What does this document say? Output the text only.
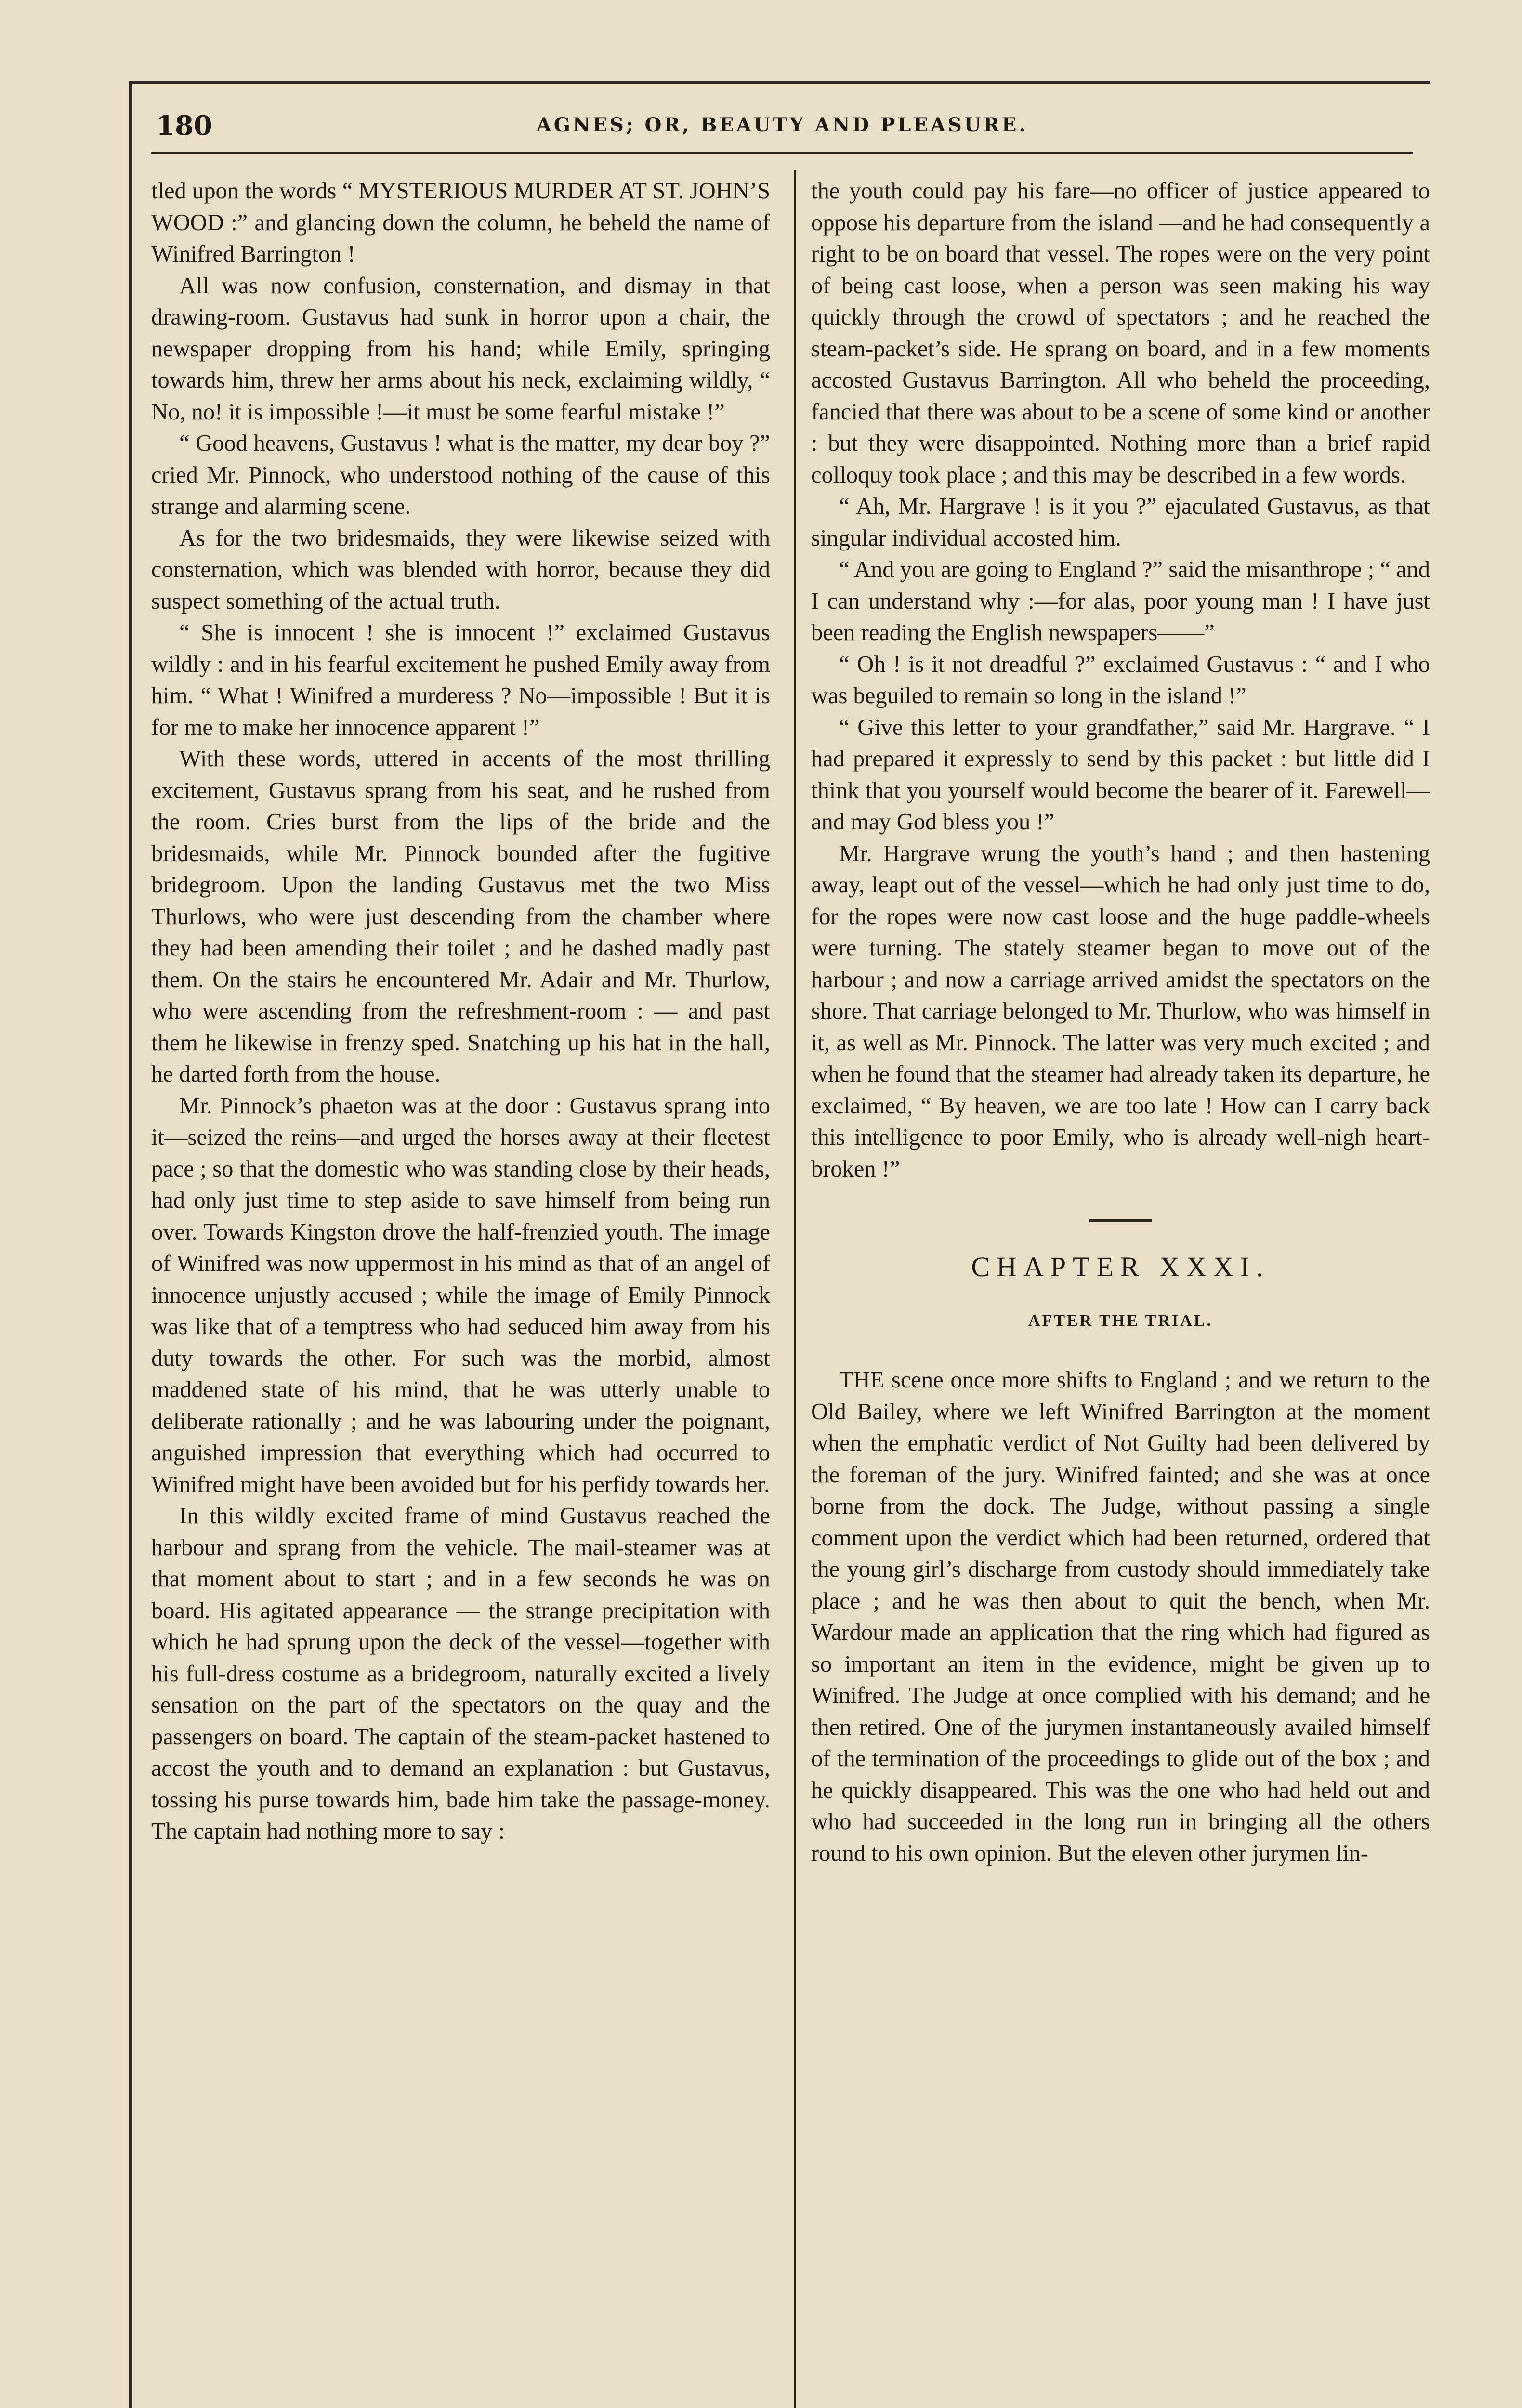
180	AGNES; OR, BEAUTY AND PLEASURE.

tled upon the words “ MYSTERIOUS MURDER AT ST. JOHN’S WOOD :” and glancing down the column, he beheld the name of Winifred Barrington !

All was now confusion, consternation, and dismay in that drawing-room. Gustavus had sunk in horror upon a chair, the newspaper dropping from his hand; while Emily, springing towards him, threw her arms about his neck, exclaiming wildly, “ No, no! it is impossible !—it must be some fearful mistake !”

“ Good heavens, Gustavus ! what is the matter, my dear boy ?” cried Mr. Pinnock, who understood nothing of the cause of this strange and alarming scene.

As for the two bridesmaids, they were likewise seized with consternation, which was blended with horror, because they did suspect something of the actual truth.

“ She is innocent ! she is innocent !” exclaimed Gustavus wildly : and in his fearful excitement he pushed Emily away from him. “ What ! Winifred a murderess ? No—impossible ! But it is for me to make her innocence apparent !”

With these words, uttered in accents of the most thrilling excitement, Gustavus sprang from his seat, and he rushed from the room. Cries burst from the lips of the bride and the bridesmaids, while Mr. Pinnock bounded after the fugitive bridegroom. Upon the landing Gustavus met the two Miss Thurlows, who were just descending from the chamber where they had been amending their toilet ; and he dashed madly past them. On the stairs he encountered Mr. Adair and Mr. Thurlow, who were ascending from the refreshment-room : — and past them he likewise in frenzy sped. Snatching up his hat in the hall, he darted forth from the house.

Mr. Pinnock’s phaeton was at the door : Gustavus sprang into it—seized the reins—and urged the horses away at their fleetest pace ; so that the domestic who was standing close by their heads, had only just time to step aside to save himself from being run over. Towards Kingston drove the half-frenzied youth. The image of Winifred was now uppermost in his mind as that of an angel of innocence unjustly accused ; while the image of Emily Pinnock was like that of a temptress who had seduced him away from his duty towards the other. For such was the morbid, almost maddened state of his mind, that he was utterly unable to deliberate rationally ; and he was labouring under the poignant, anguished impression that everything which had occurred to Winifred might have been avoided but for his perfidy towards her.

In this wildly excited frame of mind Gustavus reached the harbour and sprang from the vehicle. The mail-steamer was at that moment about to start ; and in a few seconds he was on board. His agitated appearance — the strange precipitation with which he had sprung upon the deck of the vessel—together with his full-dress costume as a bridegroom, naturally excited a lively sensation on the part of the spectators on the quay and the passengers on board. The captain of the steam-packet hastened to accost the youth and to demand an explanation : but Gustavus, tossing his purse towards him, bade him take the passage-money. The captain had nothing more to say :

the youth could pay his fare—no officer of justice appeared to oppose his departure from the island —and he had consequently a right to be on board that vessel. The ropes were on the very point of being cast loose, when a person was seen making his way quickly through the crowd of spectators ; and he reached the steam-packet’s side. He sprang on board, and in a few moments accosted Gustavus Barrington. All who beheld the proceeding, fancied that there was about to be a scene of some kind or another : but they were disappointed. Nothing more than a brief rapid colloquy took place ; and this may be described in a few words.

“ Ah, Mr. Hargrave ! is it you ?” ejaculated Gustavus, as that singular individual accosted him.

“ And you are going to England ?” said the misanthrope ; “ and I can understand why :—for alas, poor young man ! I have just been reading the English newspapers——”

“ Oh ! is it not dreadful ?” exclaimed Gustavus : “ and I who was beguiled to remain so long in the island !”

“ Give this letter to your grandfather,” said Mr. Hargrave. “ I had prepared it expressly to send by this packet : but little did I think that you yourself would become the bearer of it. Farewell—and may God bless you !”

Mr. Hargrave wrung the youth’s hand ; and then hastening away, leapt out of the vessel—which he had only just time to do, for the ropes were now cast loose and the huge paddle-wheels were turning. The stately steamer began to move out of the harbour ; and now a carriage arrived amidst the spectators on the shore. That carriage belonged to Mr. Thurlow, who was himself in it, as well as Mr. Pinnock. The latter was very much excited ; and when he found that the steamer had already taken its departure, he exclaimed, “ By heaven, we are too late ! How can I carry back this intelligence to poor Emily, who is already well-nigh heart-broken !”

CHAPTER XXXI.
AFTER THE TRIAL.

THE scene once more shifts to England ; and we return to the Old Bailey, where we left Winifred Barrington at the moment when the emphatic verdict of Not Guilty had been delivered by the foreman of the jury. Winifred fainted; and she was at once borne from the dock. The Judge, without passing a single comment upon the verdict which had been returned, ordered that the young girl’s discharge from custody should immediately take place ; and he was then about to quit the bench, when Mr. Wardour made an application that the ring which had figured as so important an item in the evidence, might be given up to Winifred. The Judge at once complied with his demand; and he then retired. One of the jurymen instantaneously availed himself of the termination of the proceedings to glide out of the box ; and he quickly disappeared. This was the one who had held out and who had succeeded in the long run in bringing all the others round to his own opinion. But the eleven other jurymen lin-
